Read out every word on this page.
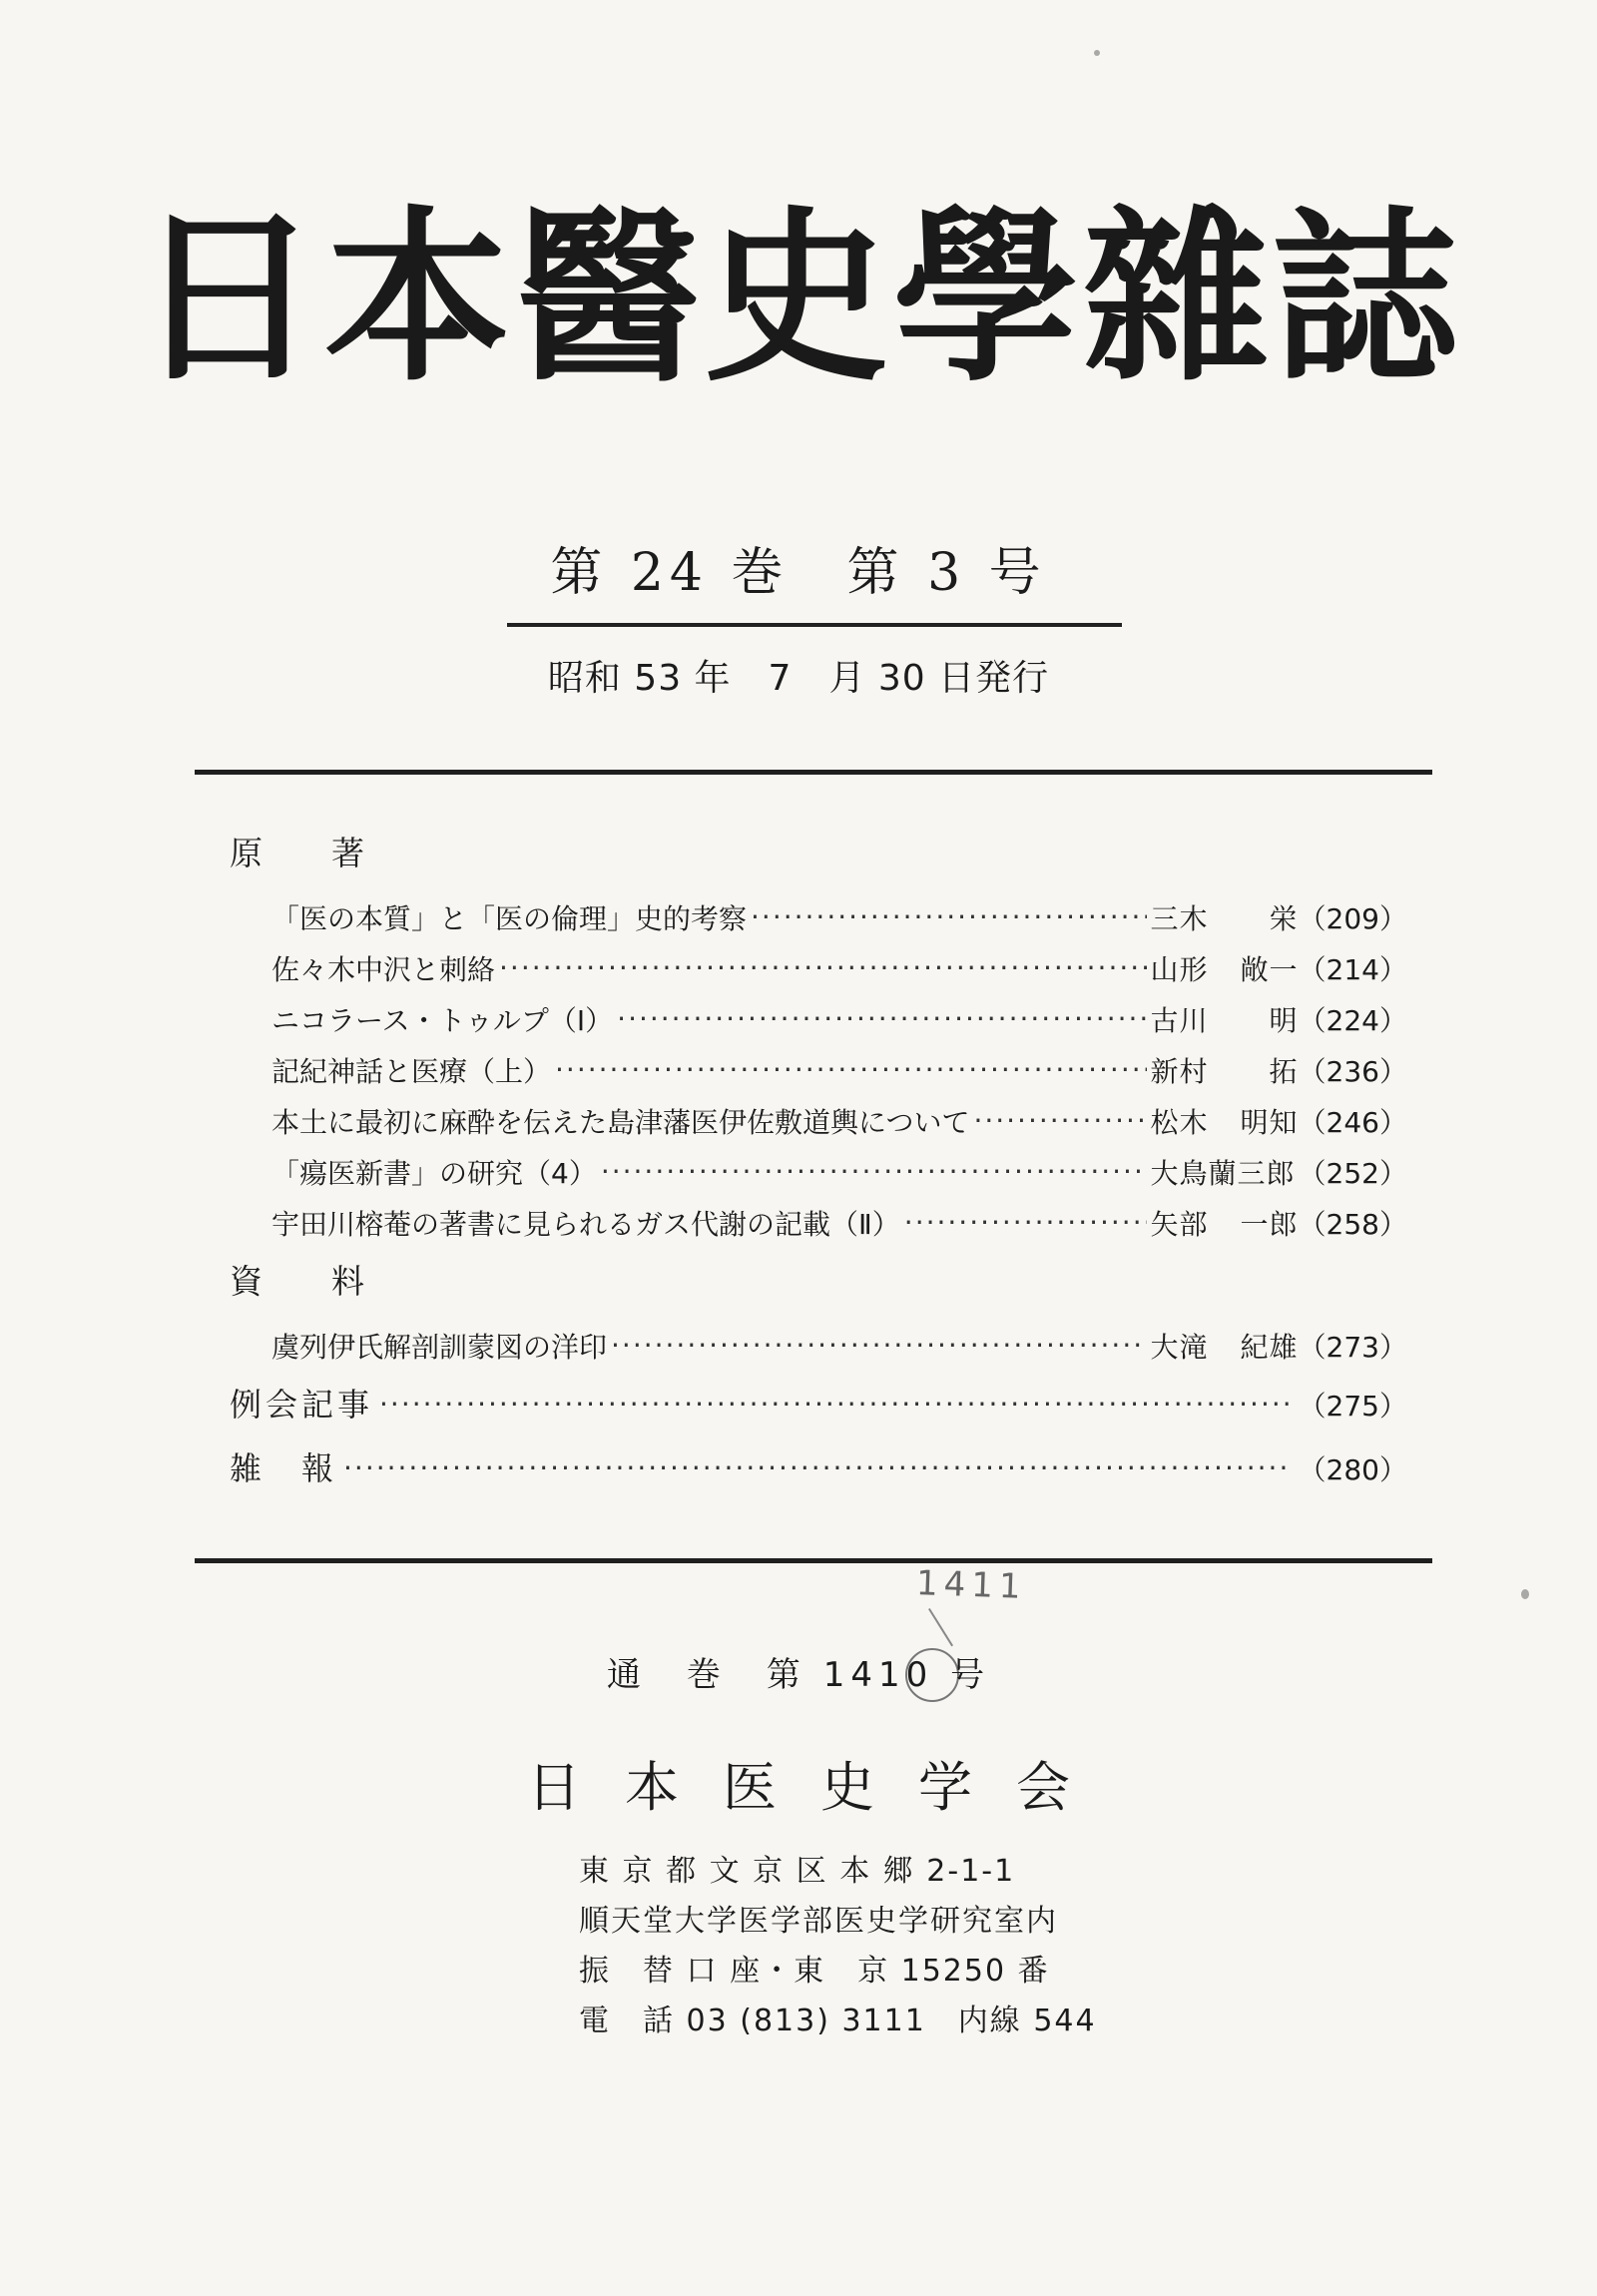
日本醫史學雜誌
第 24 巻　第 3 号
昭和 53 年　7　月 30 日発行
原　著
「医の本質」と「医の倫理」史的考察 ·····	三木 栄 （209）
佐々木中沢と刺絡 ·····	山形 敞一 （214）
ニコラース・トゥルプ（Ⅰ） ·····	古川 明 （224）
記紀神話と医療（上） ·····	新村 拓 （236）
本土に最初に麻酔を伝えた島津藩医伊佐敷道輿について ·····	松木 明知 （246）
「瘍医新書」の研究（4） ·····	大鳥蘭三郎 （252）
宇田川榕菴の著書に見られるガス代謝の記載（Ⅱ） ·····	矢部 一郎 （258）
資　料
虞列伊氏解剖訓蒙図の洋印 ·····	大滝 紀雄 （273）
例会記事 ·····	（275）
雑　報 ·····	（280）
1411
通　巻　第 1410 号
日本医史学会
東 京 都 文 京 区 本 郷 2-1-1
順天堂大学医学部医史学研究室内
振　替 口 座・東　京 15250 番
電　話 03 (813) 3111　内線 544
